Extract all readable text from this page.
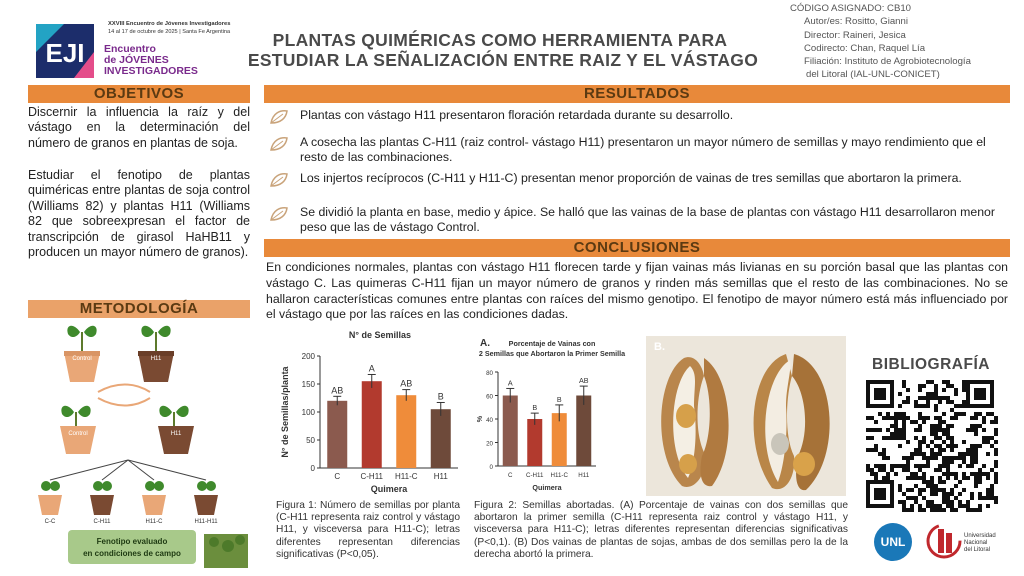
EJI
XXVIII Encuentro de Jóvenes Investigadores
14 al 17 de octubre de 2025 | Santa Fe Argentina
Encuentro
de JÓVENES
INVESTIGADORES
PLANTAS QUIMÉRICAS COMO HERRAMIENTA PARA
ESTUDIAR LA SEÑALIZACIÓN ENTRE RAIZ Y EL VÁSTAGO
CÓDIGO ASIGNADO: CB10
Autor/es: Rositto, Gianni
Director: Raineri, Jesica
Codirecto: Chan, Raquel Lía
Filiación: Instituto de Agrobiotecnología
del Litoral (IAL-UNL-CONICET)
OBJETIVOS
Discernir la influencia la raíz y del vástago en la determinación del número de granos en plantas de soja.
Estudiar el fenotipo de plantas quiméricas entre plantas de soja control (Williams 82) y plantas H11 (Williams 82 que sobreexpresan el factor de transcripción de girasol HaHB11 y producen un mayor número de granos).
METODOLOGÍA
Control	H11
Control	H11
C-C	C-H11	H11-C	H11-H11
Fenotipo evaluado
en condiciones de campo
RESULTADOS
Plantas con vástago H11 presentaron floración retardada durante su desarrollo.
A cosecha las plantas C-H11 (raiz control- vástago H11) presentaron un mayor número de semillas y mayo rendimiento que el resto de las combinaciones.
Los injertos recíprocos (C-H11 y H11-C) presentan menor proporción de vainas de tres semillas que abortaron la primera.
Se dividió la planta en base, medio y ápice. Se halló que las vainas de la base de plantas con vástago H11 desarrollaron menor peso que las de vástago Control.
CONCLUSIONES
En condiciones normales, plantas con vástago H11 florecen tarde y fijan vainas más livianas en su porción basal que las plantas con vástago C. Las quimeras C-H11 fijan un mayor número de granos y rinden más semillas que el resto de las combinaciones. No se hallaron características comunes entre plantas con raíces del mismo genotipo. El fenotipo de mayor número está más influenciado por el vástago que por las raíces en las condiciones dadas.
N° de Semillas
0
50
100
150
200
AB
C
A
C-H11
AB
H11-C
B
H11
Quimera
N° de Semillas/planta
Figura 1: Número de semillas por planta (C-H11 representa raiz control y vástago H11, y visceversa para H11-C); letras diferentes representan diferencias significativas (P<0,05).
A.	Porcentaje de Vainas con
2 Semillas que Abortaron la Primer Semilla
0
20
40
60
80
A
C
B
C-H11
B
H11-C
AB
H11
Quimera
%
B.
Figura 2: Semillas abortadas. (A) Porcentaje de vainas con dos semillas que abortaron la primer semilla (C-H11 representa raiz control y vástago H11, y visceversa para H11-C); letras diferentes representan diferencias significativas (P<0,1). (B) Dos vainas de plantas de sojas, ambas de dos semillas pero la de la derecha abortó la primera.
BIBLIOGRAFÍA
UNL	Universidad
Nacional
del Litoral
